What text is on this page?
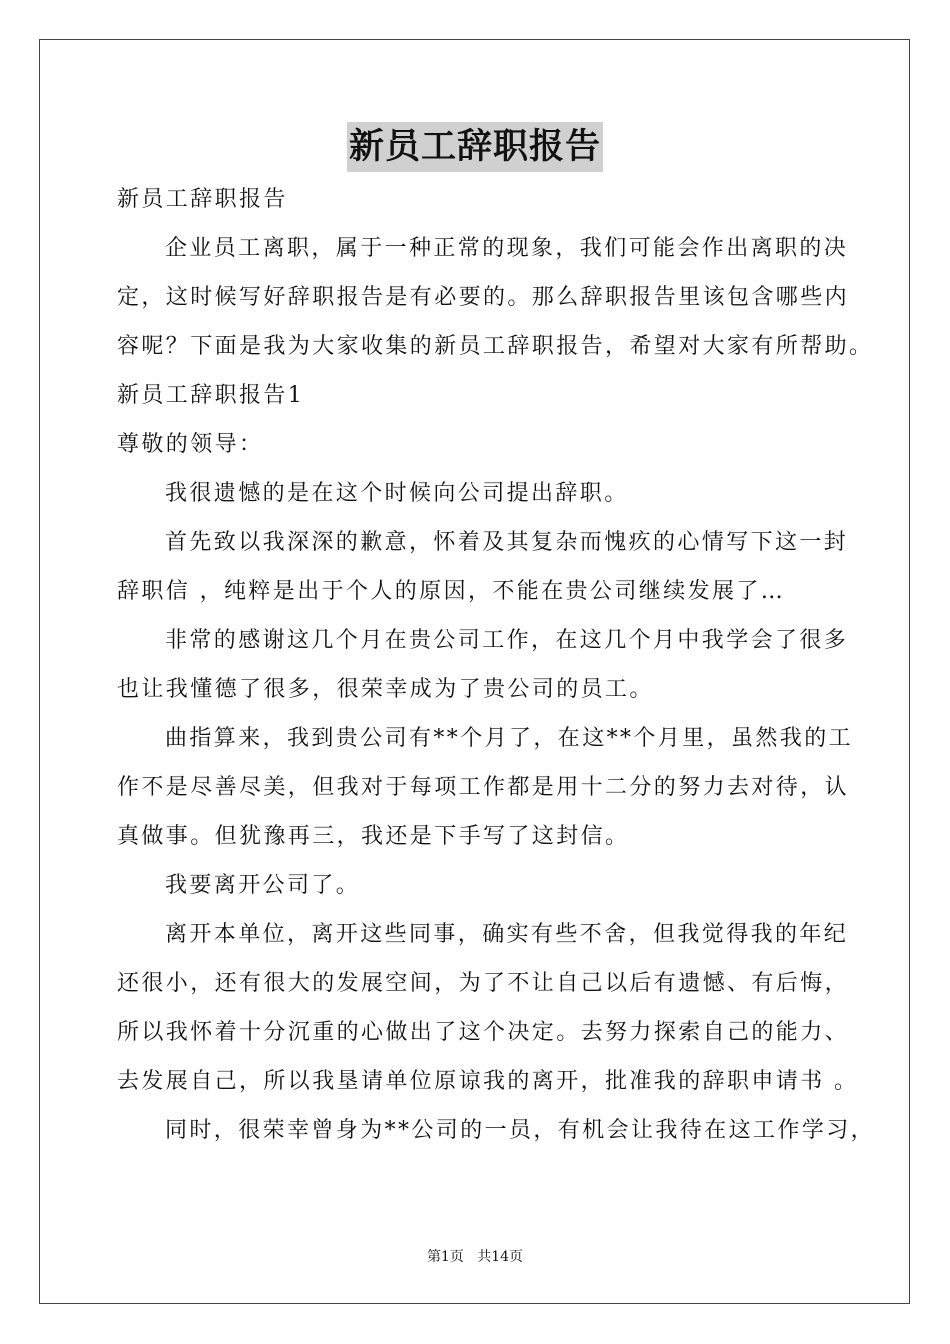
新员工辞职报告

新员工辞职报告

企业员工离职，属于一种正常的现象，我们可能会作出离职的决

定，这时候写好辞职报告是有必要的。那么辞职报告里该包含哪些内

容呢？下面是我为大家收集的新员工辞职报告，希望对大家有所帮助。

新员工辞职报告1

尊敬的领导：

我很遗憾的是在这个时候向公司提出辞职。

首先致以我深深的歉意，怀着及其复杂而愧疚的心情写下这一封

辞职信 ，纯粹是出于个人的原因，不能在贵公司继续发展了…

非常的感谢这几个月在贵公司工作，在这几个月中我学会了很多

也让我懂德了很多，很荣幸成为了贵公司的员工。

曲指算来，我到贵公司有**个月了，在这**个月里，虽然我的工

作不是尽善尽美，但我对于每项工作都是用十二分的努力去对待，认

真做事。但犹豫再三，我还是下手写了这封信。

我要离开公司了。

离开本单位，离开这些同事，确实有些不舍，但我觉得我的年纪

还很小，还有很大的发展空间，为了不让自己以后有遗憾、有后悔，

所以我怀着十分沉重的心做出了这个决定。去努力探索自己的能力、

去发展自己，所以我垦请单位原谅我的离开，批准我的辞职申请书 。

同时，很荣幸曾身为**公司的一员，有机会让我待在这工作学习，

第1页 共14页
